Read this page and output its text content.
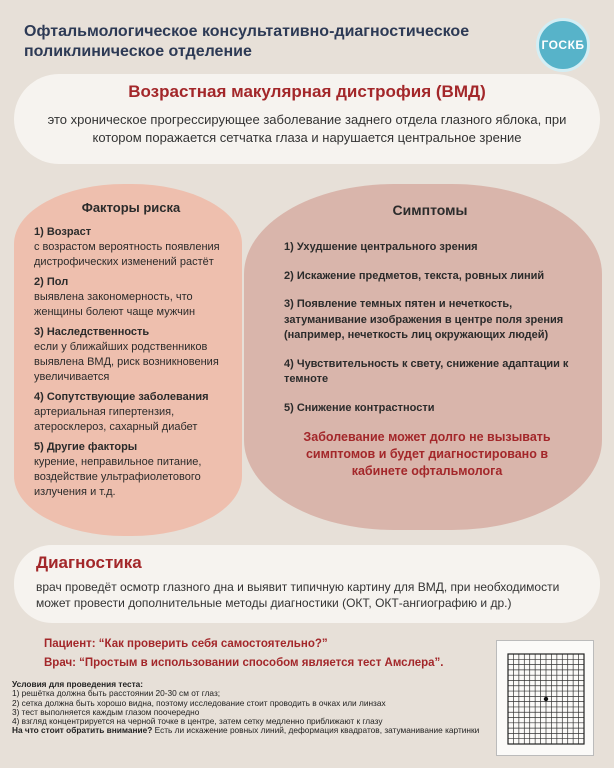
Офтальмологическое консультативно-диагностическое поликлиническое отделение	ГОСКБ
Возрастная макулярная дистрофия (ВМД)

это хроническое прогрессирующее заболевание заднего отдела глазного яблока, при котором поражается сетчатка глаза и нарушается центральное зрение

Факторы риска
1) Возраст
с возрастом вероятность появления дистрофических изменений растёт
2) Пол
выявлена закономерность, что женщины болеют чаще мужчин
3) Наследственность
если у ближайших родственников выявлена ВМД, риск возникновения увеличивается
4) Сопутствующие заболевания
артериальная гипертензия, атеросклероз, сахарный диабет
5) Другие факторы
курение, неправильное питание, воздействие ультрафиолетового излучения и т.д.
Симптомы
1) Ухудшение центрального зрения
2) Искажение предметов, текста, ровных линий
3) Появление темных пятен и нечеткость, затуманивание изображения в центре поля зрения (например, нечеткость лиц окружающих людей)
4) Чувствительность к свету, снижение адаптации к темноте
5) Снижение контрастности
Заболевание может долго не вызывать симптомов и будет диагностировано в кабинете офтальмолога
Диагностика

врач проведёт осмотр глазного дна и выявит типичную картину для ВМД, при необходимости может провести дополнительные методы диагностики (ОКТ, ОКТ-ангиографию и др.)

Пациент: “Как проверить себя самостоятельно?”
Врач: “Простым в использовании способом является тест Амслера”.
Условия для проведения теста:
1) решётка должна быть расстоянии 20-30 см от глаз;
2) сетка должна быть хорошо видна, поэтому исследование стоит проводить в очках или линзах
3) тест выполняется каждым глазом поочередно
4) взгляд концентрируется на черной точке в центре, затем сетку медленно приближают к глазу
На что стоит обратить внимание? Есть ли искажение ровных линий, деформация квадратов, затуманивание картинки
